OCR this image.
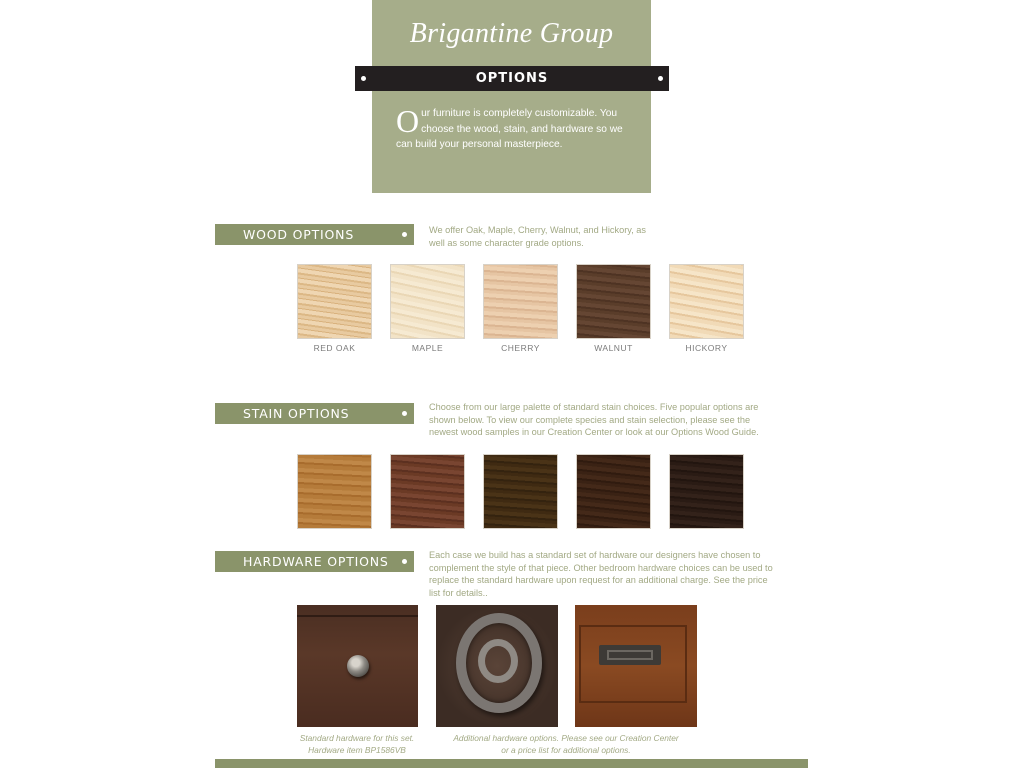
Brigantine Group
OPTIONS
Our furniture is completely customizable. You choose the wood, stain, and hardware so we can build your personal masterpiece.
WOOD OPTIONS	We offer Oak, Maple, Cherry, Walnut, and Hickory, as well as some character grade options.
RED OAK	MAPLE	CHERRY	WALNUT	HICKORY
STAIN OPTIONS	Choose from our large palette of standard stain choices. Five popular options are shown below. To view our complete species and stain selection, please see the newest wood samples in our Creation Center or look at our Options Wood Guide.
HARDWARE OPTIONS	Each case we build has a standard set of hardware our designers have chosen to complement the style of that piece. Other bedroom hardware choices can be used to replace the standard hardware upon request for an additional charge. See the price list for details..
Standard hardware for this set.
Hardware item BP1586VB
Additional hardware options. Please see our Creation Center
or a price list for additional options.
